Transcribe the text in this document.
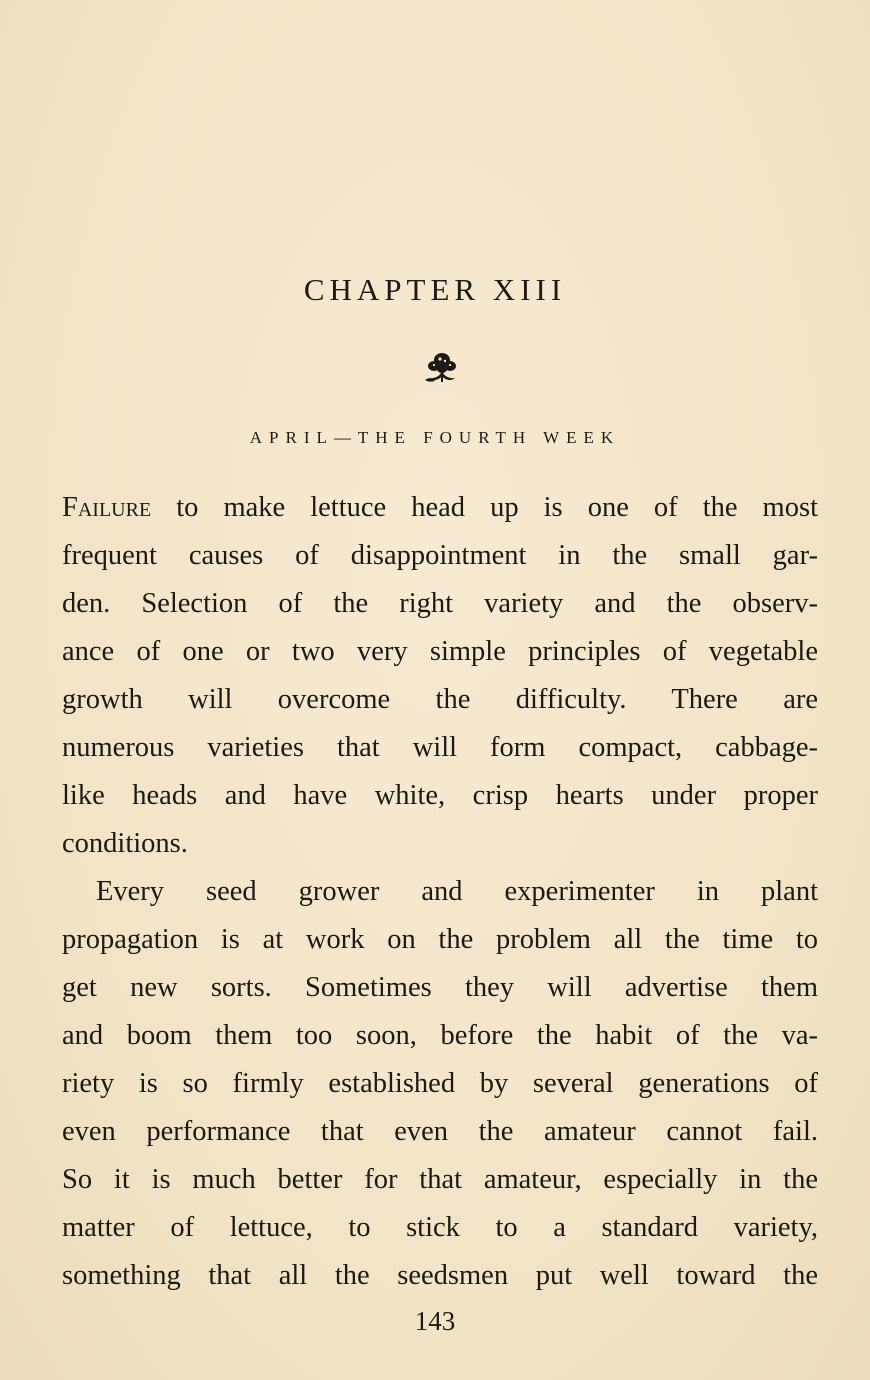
CHAPTER XIII
APRIL—THE FOURTH WEEK
Failure to make lettuce head up is one of the most
frequent causes of disappointment in the small gar-
den. Selection of the right variety and the observ-
ance of one or two very simple principles of vegetable
growth will overcome the difficulty. There are
numerous varieties that will form compact, cabbage-
like heads and have white, crisp hearts under proper
conditions.
Every seed grower and experimenter in plant
propagation is at work on the problem all the time to
get new sorts. Sometimes they will advertise them
and boom them too soon, before the habit of the va-
riety is so firmly established by several generations of
even performance that even the amateur cannot fail.
So it is much better for that amateur, especially in the
matter of lettuce, to stick to a standard variety,
something that all the seedsmen put well toward the
143
